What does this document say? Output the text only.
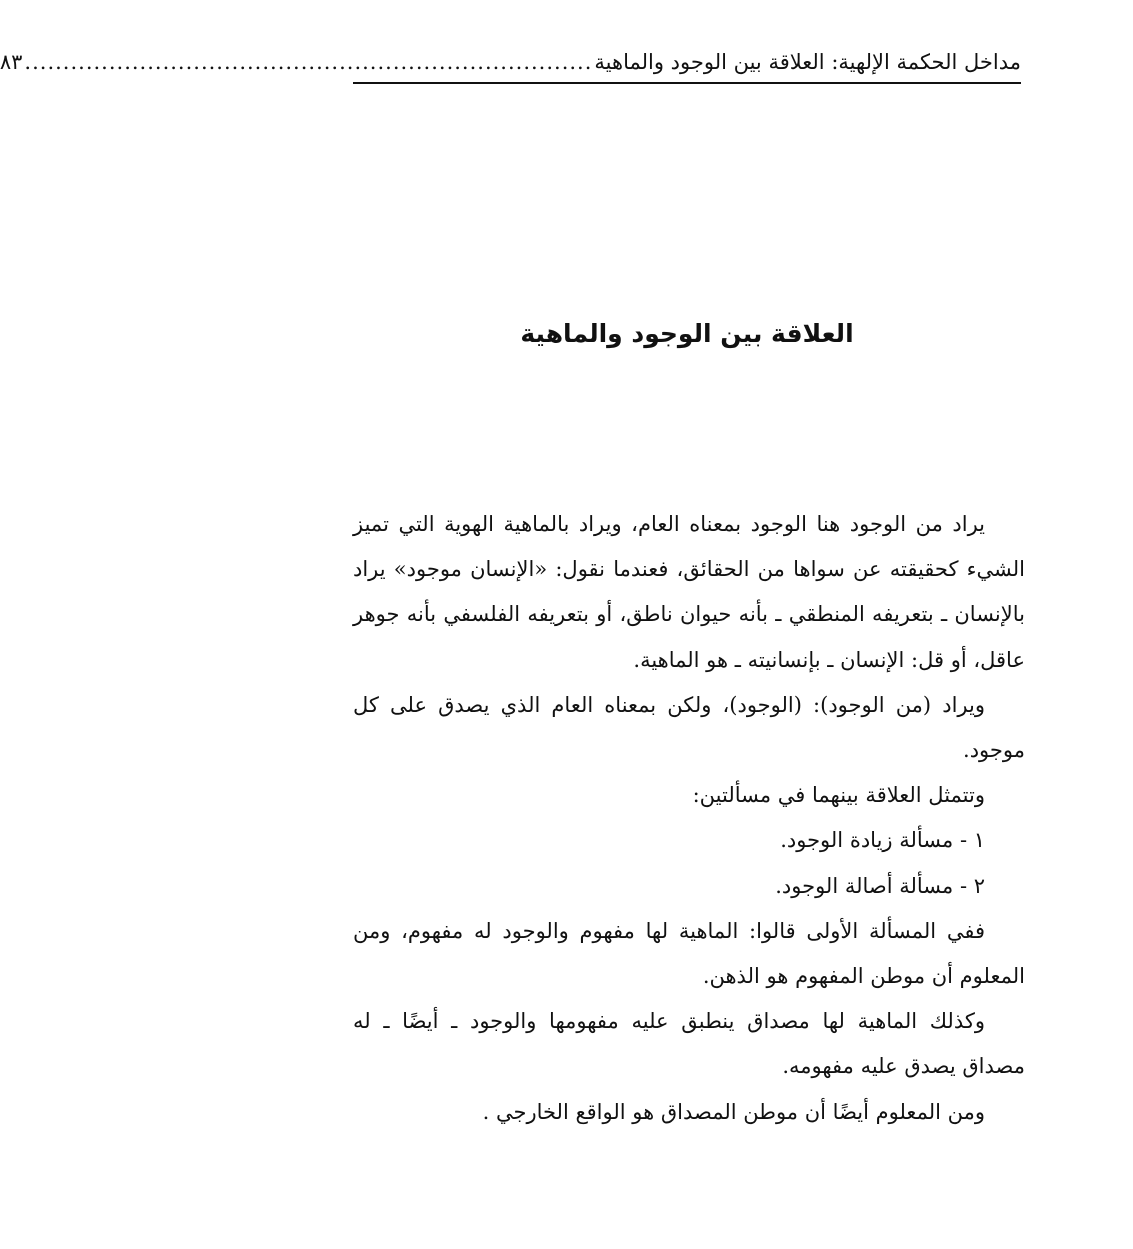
مداخل الحكمة الإلهية: العلاقة بين الوجود والماهية
..........................................................................
٨٣
العلاقة بين الوجود والماهية

يراد من الوجود هنا الوجود بمعناه العام، ويراد بالماهية الهوية التي تميز الشيء كحقيقته عن سواها من الحقائق، فعندما نقول: «الإنسان موجود» يراد بالإنسان ـ بتعريفه المنطقي ـ بأنه حيوان ناطق، أو بتعريفه الفلسفي بأنه جوهر عاقل، أو قل: الإنسان ـ بإنسانيته ـ هو الماهية.

ويراد (من الوجود): (الوجود)، ولكن بمعناه العام الذي يصدق على كل موجود.

وتتمثل العلاقة بينهما في مسألتين:

١ - مسألة زيادة الوجود.

٢ - مسألة أصالة الوجود.

ففي المسألة الأولى قالوا: الماهية لها مفهوم والوجود له مفهوم، ومن المعلوم أن موطن المفهوم هو الذهن.

وكذلك الماهية لها مصداق ينطبق عليه مفهومها والوجود ـ أيضًا ـ له مصداق يصدق عليه مفهومه.

ومن المعلوم أيضًا أن موطن المصداق هو الواقع الخارجي .
